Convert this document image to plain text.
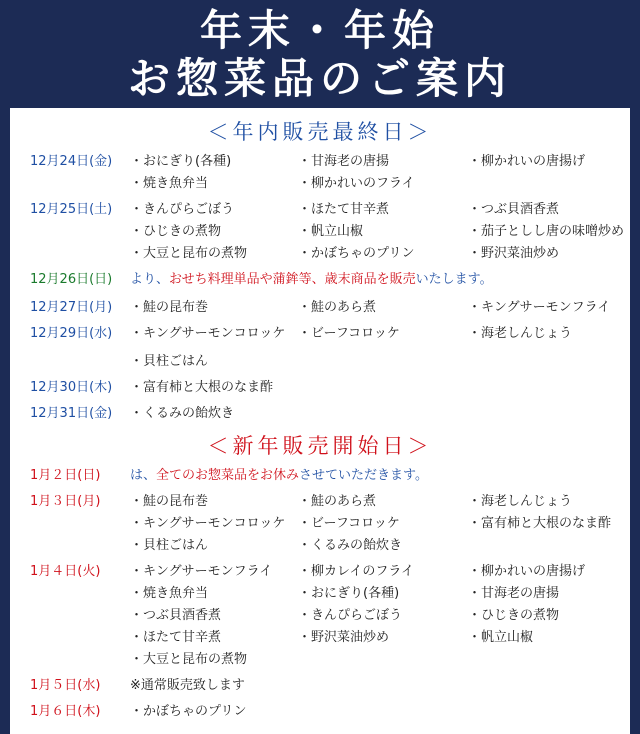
年末・年始
お惣菜品のご案内
＜年内販売最終日＞
12月24日(金) ・おにぎり(各種)	・甘海老の唐揚	・柳かれいの唐揚げ
・焼き魚弁当	・柳かれいのフライ
12月25日(土) ・きんぴらごぼう	・ほたて甘辛煮	・つぶ貝酒香煮
・ひじきの煮物	・帆立山椒	・茄子としし唐の味噌炒め
・大豆と昆布の煮物	・かぼちゃのプリン	・野沢菜油炒め
12月26日(日) より、おせち料理単品や蒲鉾等、歳末商品を販売いたします。
12月27日(月) ・鮭の昆布巻	・鮭のあら煮	・キングサーモンフライ
12月29日(水) ・キングサーモンコロッケ ・ビーフコロッケ	・海老しんじょう
・貝柱ごはん
12月30日(木) ・富有柿と大根のなま酢
12月31日(金) ・くるみの飴炊き
＜新年販売開始日＞
1月２日(日) は、全てのお惣菜品をお休みさせていただきます。
1月３日(月) ・鮭の昆布巻	・鮭のあら煮	・海老しんじょう
・キングサーモンコロッケ ・ビーフコロッケ	・富有柿と大根のなま酢
・貝柱ごはん	・くるみの飴炊き
1月４日(火) ・キングサーモンフライ ・柳カレイのフライ	・柳かれいの唐揚げ
・焼き魚弁当	・おにぎり(各種)	・甘海老の唐揚
・つぶ貝酒香煮	・きんぴらごぼう	・ひじきの煮物
・ほたて甘辛煮	・野沢菜油炒め	・帆立山椒
・大豆と昆布の煮物
1月５日(水) ※通常販売致します
1月６日(木) ・かぼちゃのプリン
